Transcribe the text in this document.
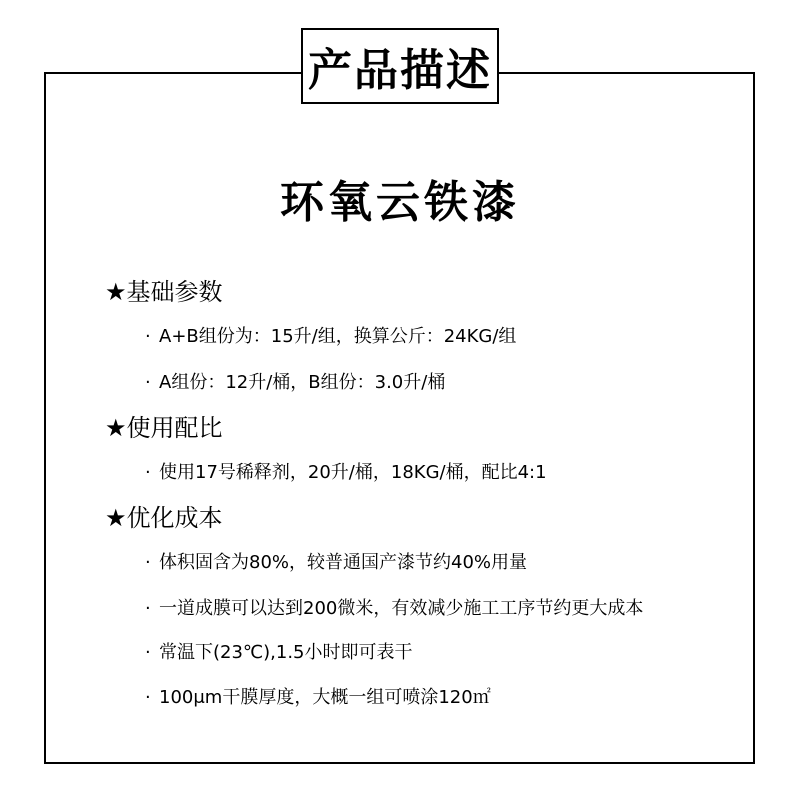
产品描述
环氧云铁漆
★基础参数
· A+B组份为：15升/组，换算公斤：24KG/组
· A组份：12升/桶，B组份：3.0升/桶
★使用配比
· 使用17号稀释剂，20升/桶，18KG/桶，配比4:1
★优化成本
· 体积固含为80%，较普通国产漆节约40%用量
· 一道成膜可以达到200微米，有效减少施工工序节约更大成本
· 常温下(23℃),1.5小时即可表干
· 100μm干膜厚度，大概一组可喷涂120㎡
